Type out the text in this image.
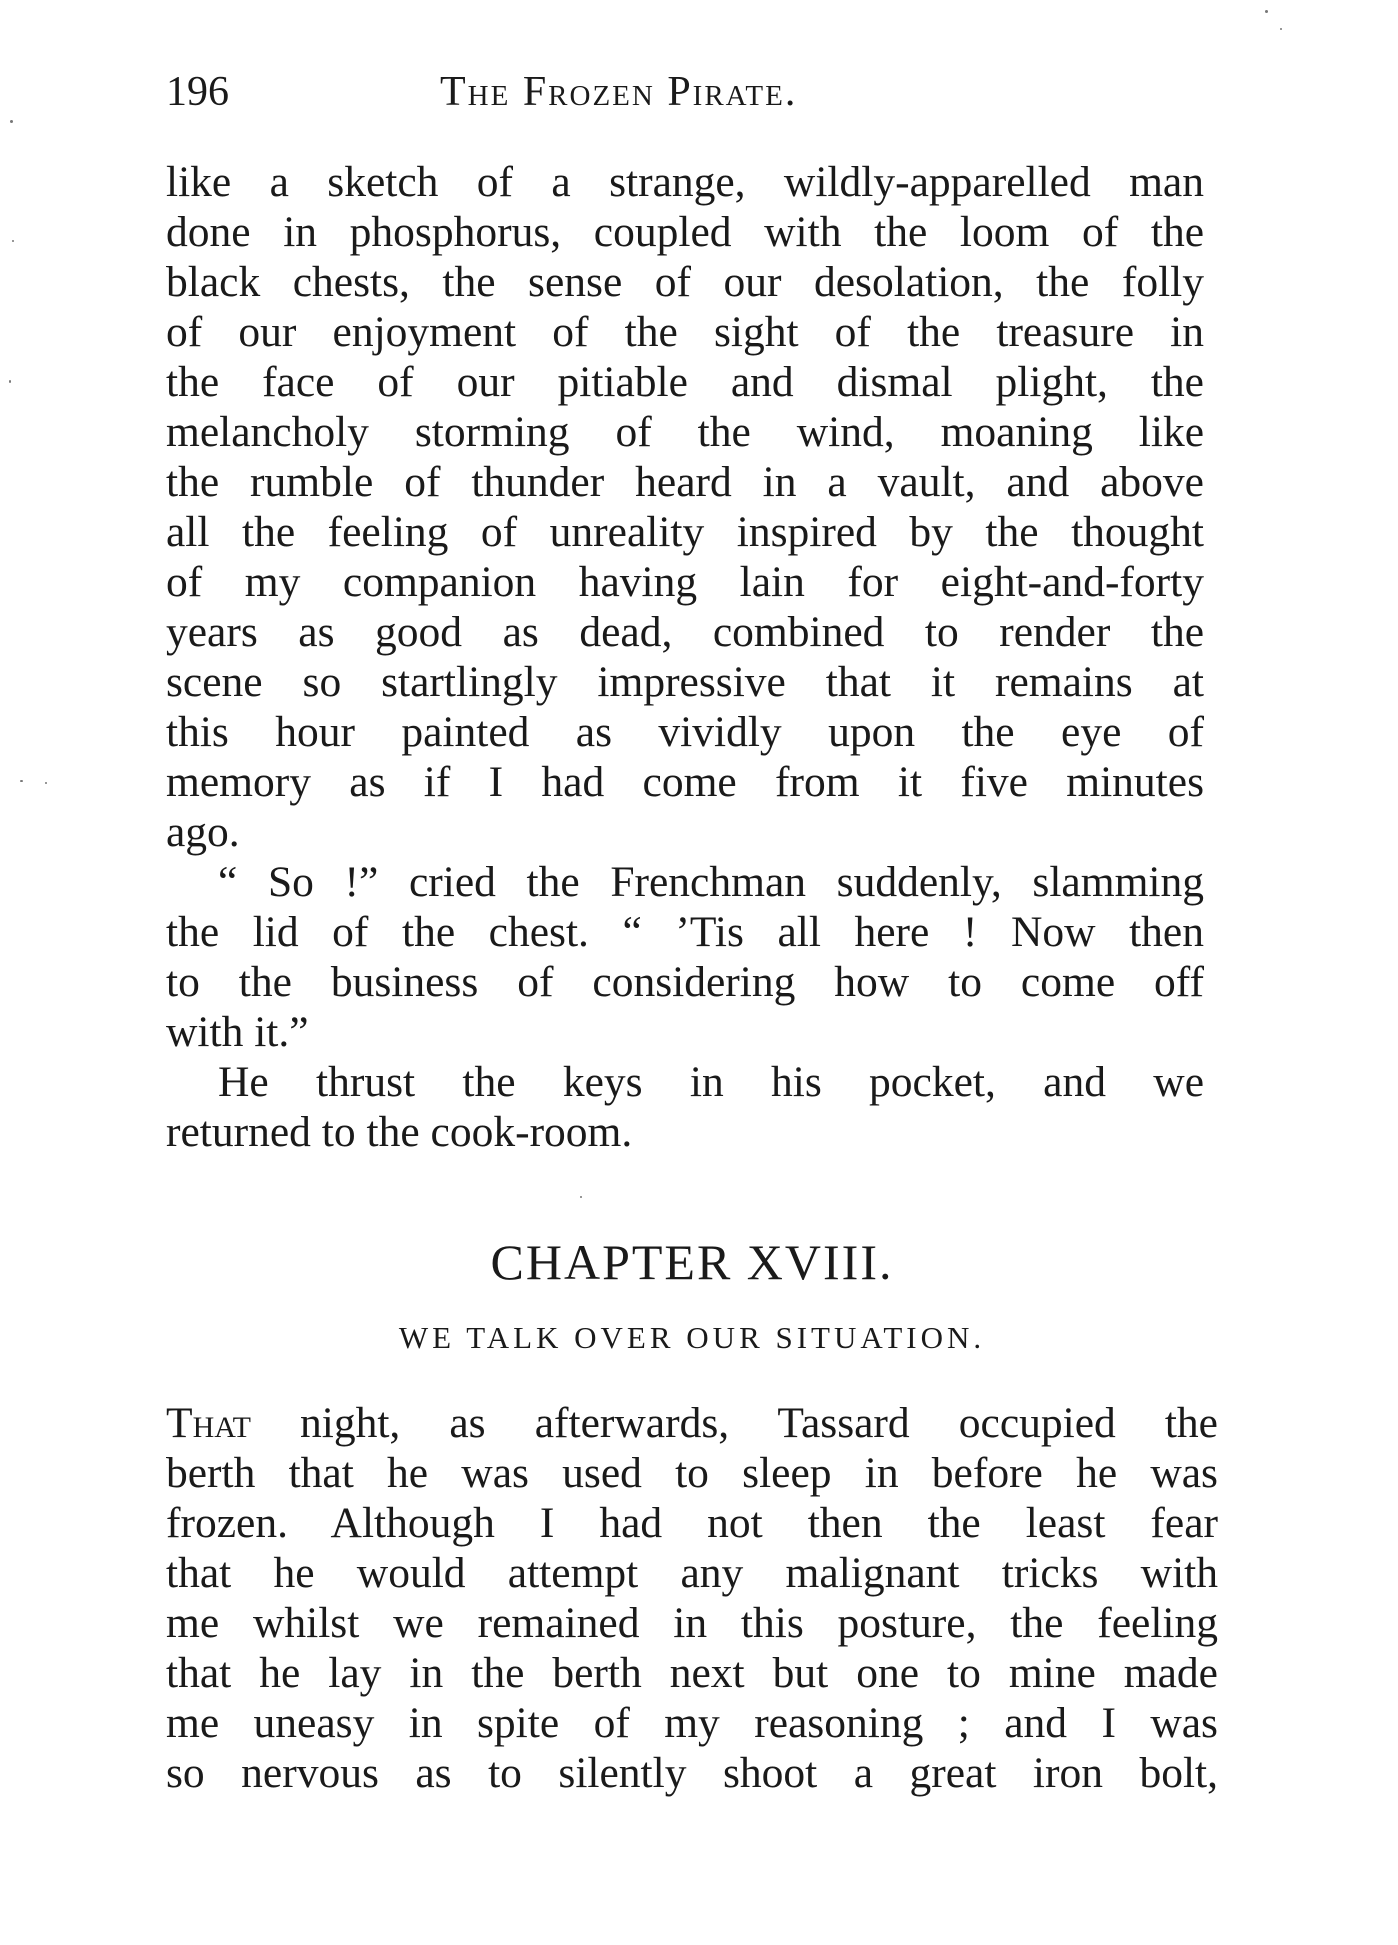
196	The Frozen Pirate.
like a sketch of a strange, wildly-apparelled man
done in phosphorus, coupled with the loom of the
black chests, the sense of our desolation, the folly
of our enjoyment of the sight of the treasure in
the face of our pitiable and dismal plight, the
melancholy storming of the wind, moaning like
the rumble of thunder heard in a vault, and above
all the feeling of unreality inspired by the thought
of my companion having lain for eight-and-forty
years as good as dead, combined to render the
scene so startlingly impressive that it remains at
this hour painted as vividly upon the eye of
memory as if I had come from it five minutes
ago.
“ So !” cried the Frenchman suddenly, slamming
the lid of the chest. “ ’Tis all here ! Now then
to the business of considering how to come off
with it.”
He thrust the keys in his pocket, and we
returned to the cook-room.
CHAPTER XVIII.
WE TALK OVER OUR SITUATION.
That night, as afterwards, Tassard occupied the
berth that he was used to sleep in before he was
frozen. Although I had not then the least fear
that he would attempt any malignant tricks with
me whilst we remained in this posture, the feeling
that he lay in the berth next but one to mine made
me uneasy in spite of my reasoning ; and I was
so nervous as to silently shoot a great iron bolt,
